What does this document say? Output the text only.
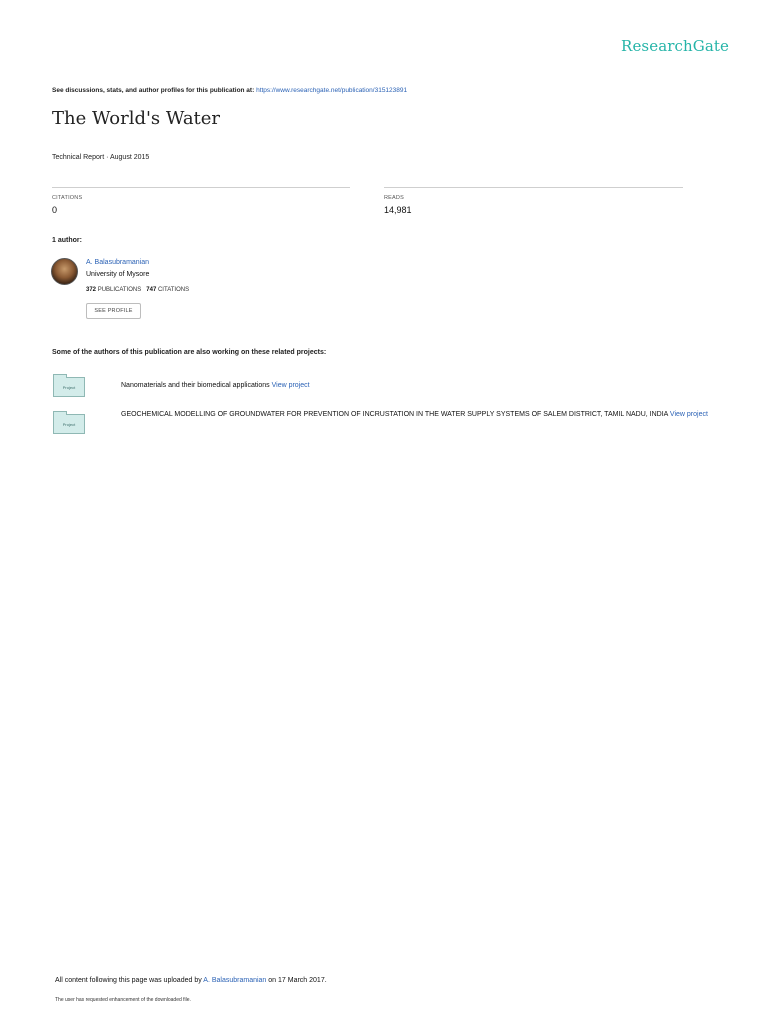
ResearchGate
See discussions, stats, and author profiles for this publication at: https://www.researchgate.net/publication/315123891
The World's Water
Technical Report · August 2015
CITATIONS
0
READS
14,981
1 author:
A. Balasubramanian
University of Mysore
372 PUBLICATIONS 747 CITATIONS
SEE PROFILE
Some of the authors of this publication are also working on these related projects:
Project	Nanomaterials and their biomedical applications View project
Project
GEOCHEMICAL MODELLING OF GROUNDWATER FOR PREVENTION OF INCRUSTATION IN THE WATER SUPPLY SYSTEMS OF SALEM DISTRICT, TAMIL NADU, INDIA View project
All content following this page was uploaded by A. Balasubramanian on 17 March 2017.
The user has requested enhancement of the downloaded file.
